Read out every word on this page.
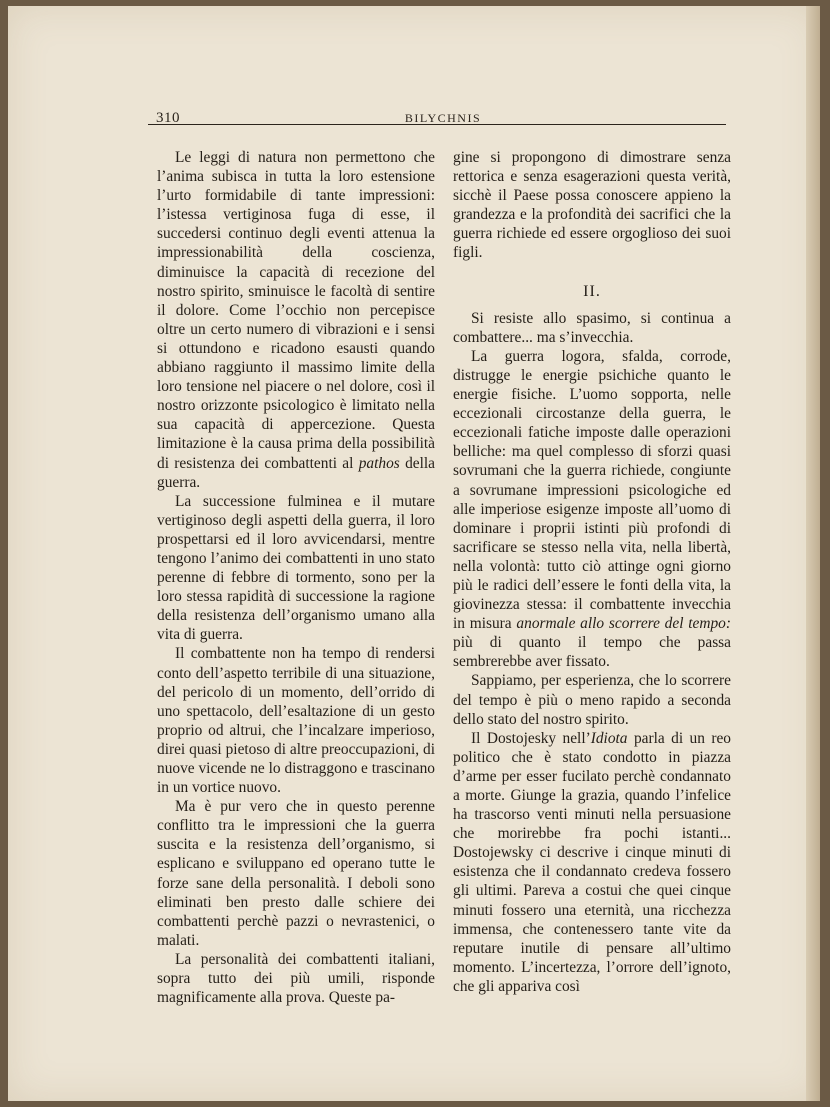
310	BILYCHNIS

Le leggi di natura non permettono che l’anima subisca in tutta la loro estensione l’urto formidabile di tante impressioni: l’istessa vertiginosa fuga di esse, il succedersi continuo degli eventi attenua la impressionabilità della coscienza, diminuisce la capacità di recezione del nostro spirito, sminuisce le facoltà di sentire il dolore. Come l’occhio non percepisce oltre un certo numero di vibrazioni e i sensi si ottundono e ricadono esausti quando abbiano raggiunto il massimo limite della loro tensione nel piacere o nel dolore, così il nostro orizzonte psicologico è limitato nella sua capacità di appercezione. Questa limitazione è la causa prima della possibilità di resistenza dei combattenti al pathos della guerra.

La successione fulminea e il mutare vertiginoso degli aspetti della guerra, il loro prospettarsi ed il loro avvicendarsi, mentre tengono l’animo dei combattenti in uno stato perenne di febbre di tormento, sono per la loro stessa rapidità di successione la ragione della resistenza dell’organismo umano alla vita di guerra.

Il combattente non ha tempo di rendersi conto dell’aspetto terribile di una situazione, del pericolo di un momento, dell’orrido di uno spettacolo, dell’esaltazione di un gesto proprio od altrui, che l’incalzare imperioso, direi quasi pietoso di altre preoccupazioni, di nuove vicende ne lo distraggono e trascinano in un vortice nuovo.

Ma è pur vero che in questo perenne conflitto tra le impressioni che la guerra suscita e la resistenza dell’organismo, si esplicano e sviluppano ed operano tutte le forze sane della personalità. I deboli sono eliminati ben presto dalle schiere dei combattenti perchè pazzi o nevrastenici, o malati.

La personalità dei combattenti italiani, sopra tutto dei più umili, risponde magnificamente alla prova. Queste pa-

gine si propongono di dimostrare senza rettorica e senza esagerazioni questa verità, sicchè il Paese possa conoscere appieno la grandezza e la profondità dei sacrifici che la guerra richiede ed essere orgoglioso dei suoi figli.

II.

Si resiste allo spasimo, si continua a combattere... ma s’invecchia.

La guerra logora, sfalda, corrode, distrugge le energie psichiche quanto le energie fisiche. L’uomo sopporta, nelle eccezionali circostanze della guerra, le eccezionali fatiche imposte dalle operazioni belliche: ma quel complesso di sforzi quasi sovrumani che la guerra richiede, congiunte a sovrumane impressioni psicologiche ed alle imperiose esigenze imposte all’uomo di dominare i proprii istinti più profondi di sacrificare se stesso nella vita, nella libertà, nella volontà: tutto ciò attinge ogni giorno più le radici dell’essere le fonti della vita, la giovinezza stessa: il combattente invecchia in misura anormale allo scorrere del tempo: più di quanto il tempo che passa sembrerebbe aver fissato.

Sappiamo, per esperienza, che lo scorrere del tempo è più o meno rapido a seconda dello stato del nostro spirito.

Il Dostojesky nell’Idiota parla di un reo politico che è stato condotto in piazza d’arme per esser fucilato perchè condannato a morte. Giunge la grazia, quando l’infelice ha trascorso venti minuti nella persuasione che morirebbe fra pochi istanti... Dostojewsky ci descrive i cinque minuti di esistenza che il condannato credeva fossero gli ultimi. Pareva a costui che quei cinque minuti fossero una eternità, una ricchezza immensa, che contenessero tante vite da reputare inutile di pensare all’ultimo momento. L’incertezza, l’orrore dell’ignoto, che gli appariva così
